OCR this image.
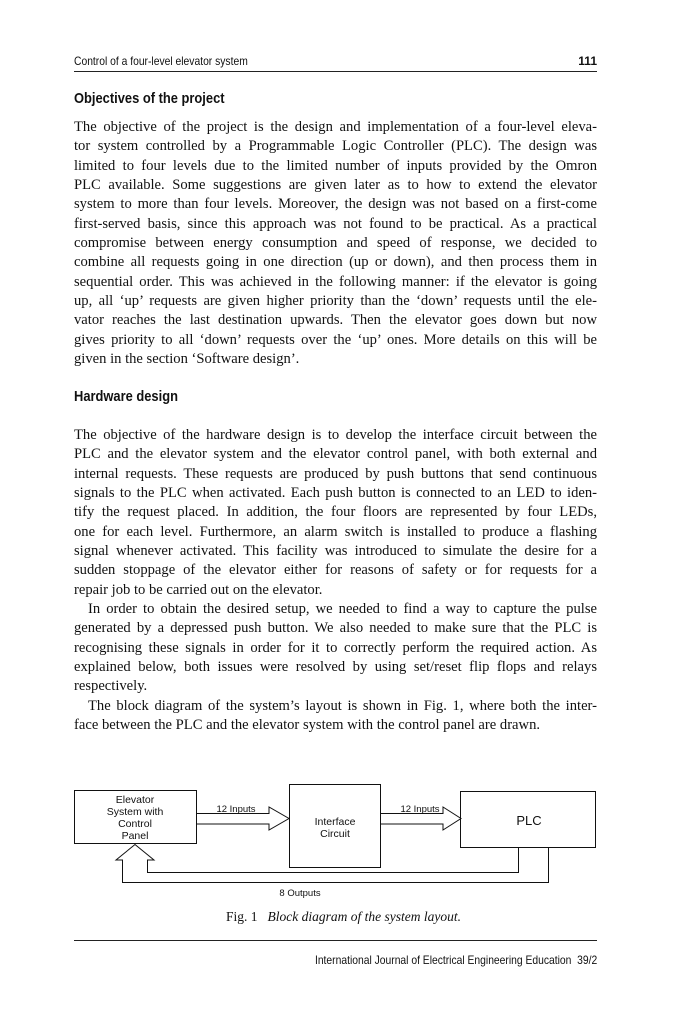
Control of a four-level elevator system	111
Objectives of the project
The objective of the project is the design and implementation of a four-level eleva-
tor system controlled by a Programmable Logic Controller (PLC). The design was
limited to four levels due to the limited number of inputs provided by the Omron
PLC available. Some suggestions are given later as to how to extend the elevator
system to more than four levels. Moreover, the design was not based on a first-come
first-served basis, since this approach was not found to be practical. As a practical
compromise between energy consumption and speed of response, we decided to
combine all requests going in one direction (up or down), and then process them in
sequential order. This was achieved in the following manner: if the elevator is going
up, all ‘up’ requests are given higher priority than the ‘down’ requests until the ele-
vator reaches the last destination upwards. Then the elevator goes down but now
gives priority to all ‘down’ requests over the ‘up’ ones. More details on this will be
given in the section ‘Software design’.
Hardware design
The objective of the hardware design is to develop the interface circuit between the
PLC and the elevator system and the elevator control panel, with both external and
internal requests. These requests are produced by push buttons that send continuous
signals to the PLC when activated. Each push button is connected to an LED to iden-
tify the request placed. In addition, the four floors are represented by four LEDs,
one for each level. Furthermore, an alarm switch is installed to produce a flashing
signal whenever activated. This facility was introduced to simulate the desire for a
sudden stoppage of the elevator either for reasons of safety or for requests for a
repair job to be carried out on the elevator.
In order to obtain the desired setup, we needed to find a way to capture the pulse
generated by a depressed push button. We also needed to make sure that the PLC is
recognising these signals in order for it to correctly perform the required action. As
explained below, both issues were resolved by using set/reset flip flops and relays
respectively.
The block diagram of the system’s layout is shown in Fig. 1, where both the inter-
face between the PLC and the elevator system with the control panel are drawn.
Elevator
System with
Control
Panel
Interface
Circuit
PLC
12 Inputs	12 Inputs
8 Outputs
Fig. 1 Block diagram of the system layout.
International Journal of Electrical Engineering Education 39/2
